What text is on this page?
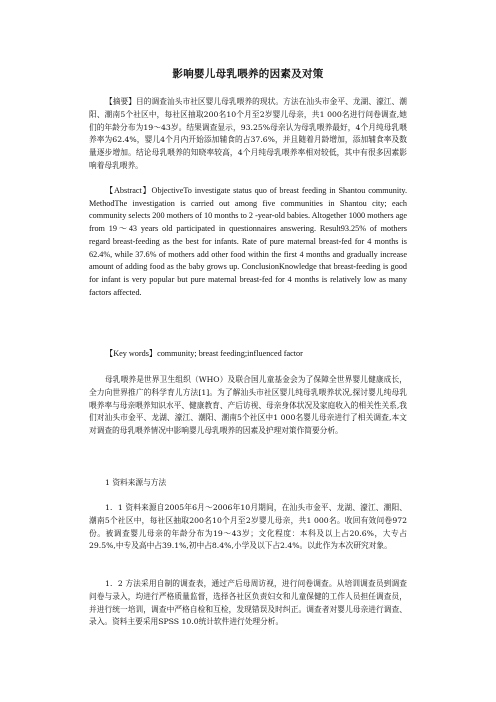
影响婴儿母乳喂养的因素及对策

【摘要】目的调查汕头市社区婴儿母乳喂养的现状。方法在汕头市金平、龙湖、濠江、潮阳、潮南5个社区中，每社区抽取200名10个月至2岁婴儿母亲，共1 000名进行问卷调查,她们的年龄分布为19～43岁。结果调查显示，93.25%母亲认为母乳喂养最好，4个月纯母乳喂养率为62.4%，婴儿4个月内开始添加辅食的占37.6%，并且随着月龄增加，添加辅食率及数量逐步增加。结论母乳喂养的知晓率较高，4个月纯母乳喂养率相对较低，其中有很多因素影响着母乳喂养。

【Abstract】ObjectiveTo investigate status quo of breast feeding in Shantou community. MethodThe investigation is carried out among five communities in Shantou city; each community selects 200 mothers of 10 months to 2 -year-old babies. Altogether 1000 mothers age from 19～43 years old participated in questionnaires answering. Result93.25% of mothers regard breast-feeding as the best for infants. Rate of pure maternal breast-fed for 4 months is 62.4%, while 37.6% of mothers add other food within the first 4 months and gradually increase amount of adding food as the baby grows up. ConclusionKnowledge that breast-feeding is good for infant is very popular but pure maternal breast-fed for 4 months is relatively low as many factors affected.

【Key words】community; breast feeding;influenced factor

母乳喂养是世界卫生组织（WHO）及联合国儿童基金会为了保障全世界婴儿健康成长，全力向世界推广的科学育儿方法[1]。为了解汕头市社区婴儿纯母乳喂养状况,探讨婴儿纯母乳喂养率与母亲喂养知识水平、健康教育、产后访视、母亲身体状况及家庭收入的相关性关系,我们对汕头市金平、龙湖、濠江、潮阳、潮南5个社区中1 000名婴儿母亲进行了相关调查,本文对调查的母乳喂养情况中影响婴儿母乳喂养的因素及护理对策作简要分析。

1 资料来源与方法

1．1 资料来源自2005年6月～2006年10月期间，在汕头市金平、龙湖、濠江、潮阳、潮南5个社区中，每社区抽取200名10个月至2岁婴儿母亲，共1 000名。收回有效问卷972份。被调查婴儿母亲的年龄分布为19～43岁；文化程度：本科及以上占20.6%，大专占29.5%,中专及高中占39.1%,初中占8.4%,小学及以下占2.4%。以此作为本次研究对象。

1．2 方法采用自制的调查表，通过产后母周访视，进行问卷调查。从培训调查员到调查问卷与录入，均进行严格质量监督，选择各社区负责妇女和儿童保健的工作人员担任调查员，并进行统一培训，调查中严格自检和互检，发现错误及时纠正。调查者对婴儿母亲进行调查、录入。资料主要采用SPSS 10.0统计软件进行处理分析。
